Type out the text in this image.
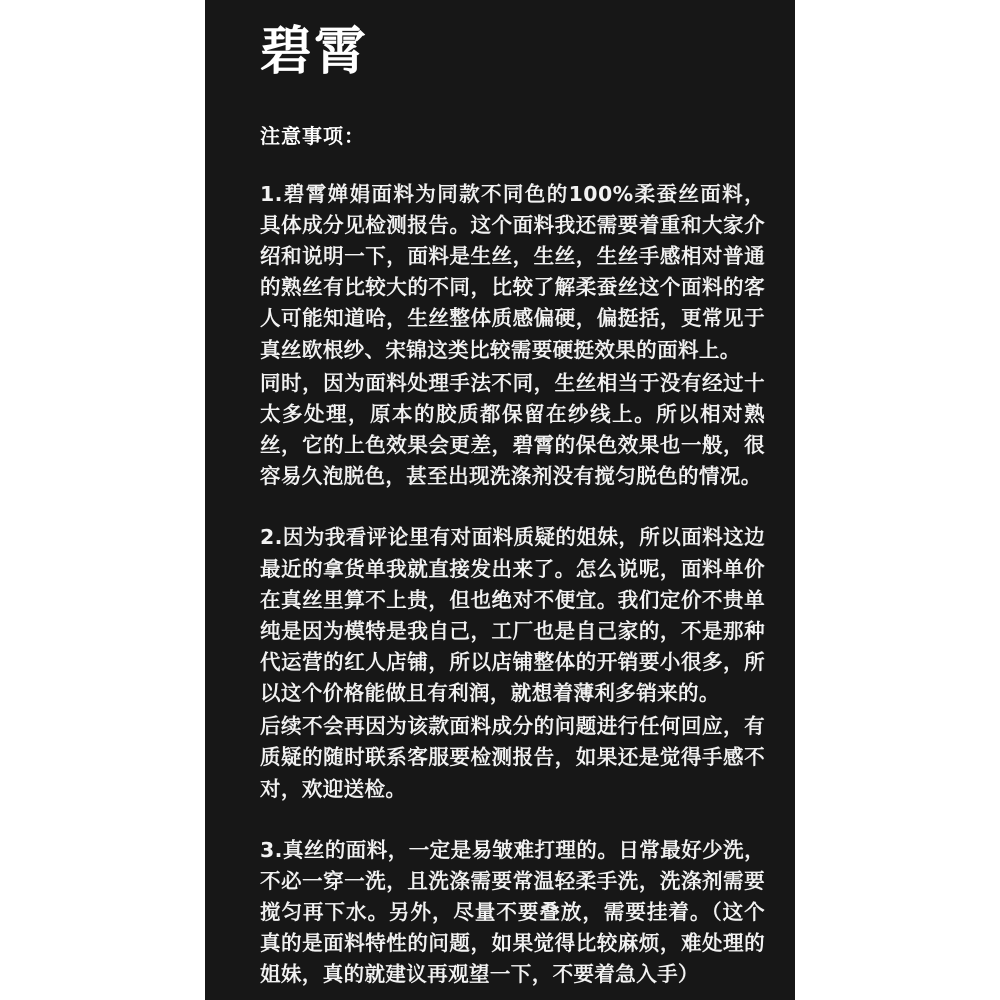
碧霄
注意事项：

1.碧霄婵娟面料为同款不同色的100%柔蚕丝面料，具体成分见检测报告。这个面料我还需要着重和大家介绍和说明一下，面料是生丝，生丝，生丝手感相对普通的熟丝有比较大的不同，比较了解柔蚕丝这个面料的客人可能知道哈，生丝整体质感偏硬，偏挺括，更常见于真丝欧根纱、宋锦这类比较需要硬挺效果的面料上。

同时，因为面料处理手法不同，生丝相当于没有经过十太多处理，原本的胶质都保留在纱线上。所以相对熟丝，它的上色效果会更差，碧霄的保色效果也一般，很容易久泡脱色，甚至出现洗涤剂没有搅匀脱色的情况。

2.因为我看评论里有对面料质疑的姐妹，所以面料这边最近的拿货单我就直接发出来了。怎么说呢，面料单价在真丝里算不上贵，但也绝对不便宜。我们定价不贵单纯是因为模特是我自己，工厂也是自己家的，不是那种代运营的红人店铺，所以店铺整体的开销要小很多，所以这个价格能做且有利润，就想着薄利多销来的。

后续不会再因为该款面料成分的问题进行任何回应，有质疑的随时联系客服要检测报告，如果还是觉得手感不对，欢迎送检。

3.真丝的面料，一定是易皱难打理的。日常最好少洗，不必一穿一洗，且洗涤需要常温轻柔手洗，洗涤剂需要搅匀再下水。另外，尽量不要叠放，需要挂着。（这个真的是面料特性的问题，如果觉得比较麻烦，难处理的姐妹，真的就建议再观望一下，不要着急入手）
